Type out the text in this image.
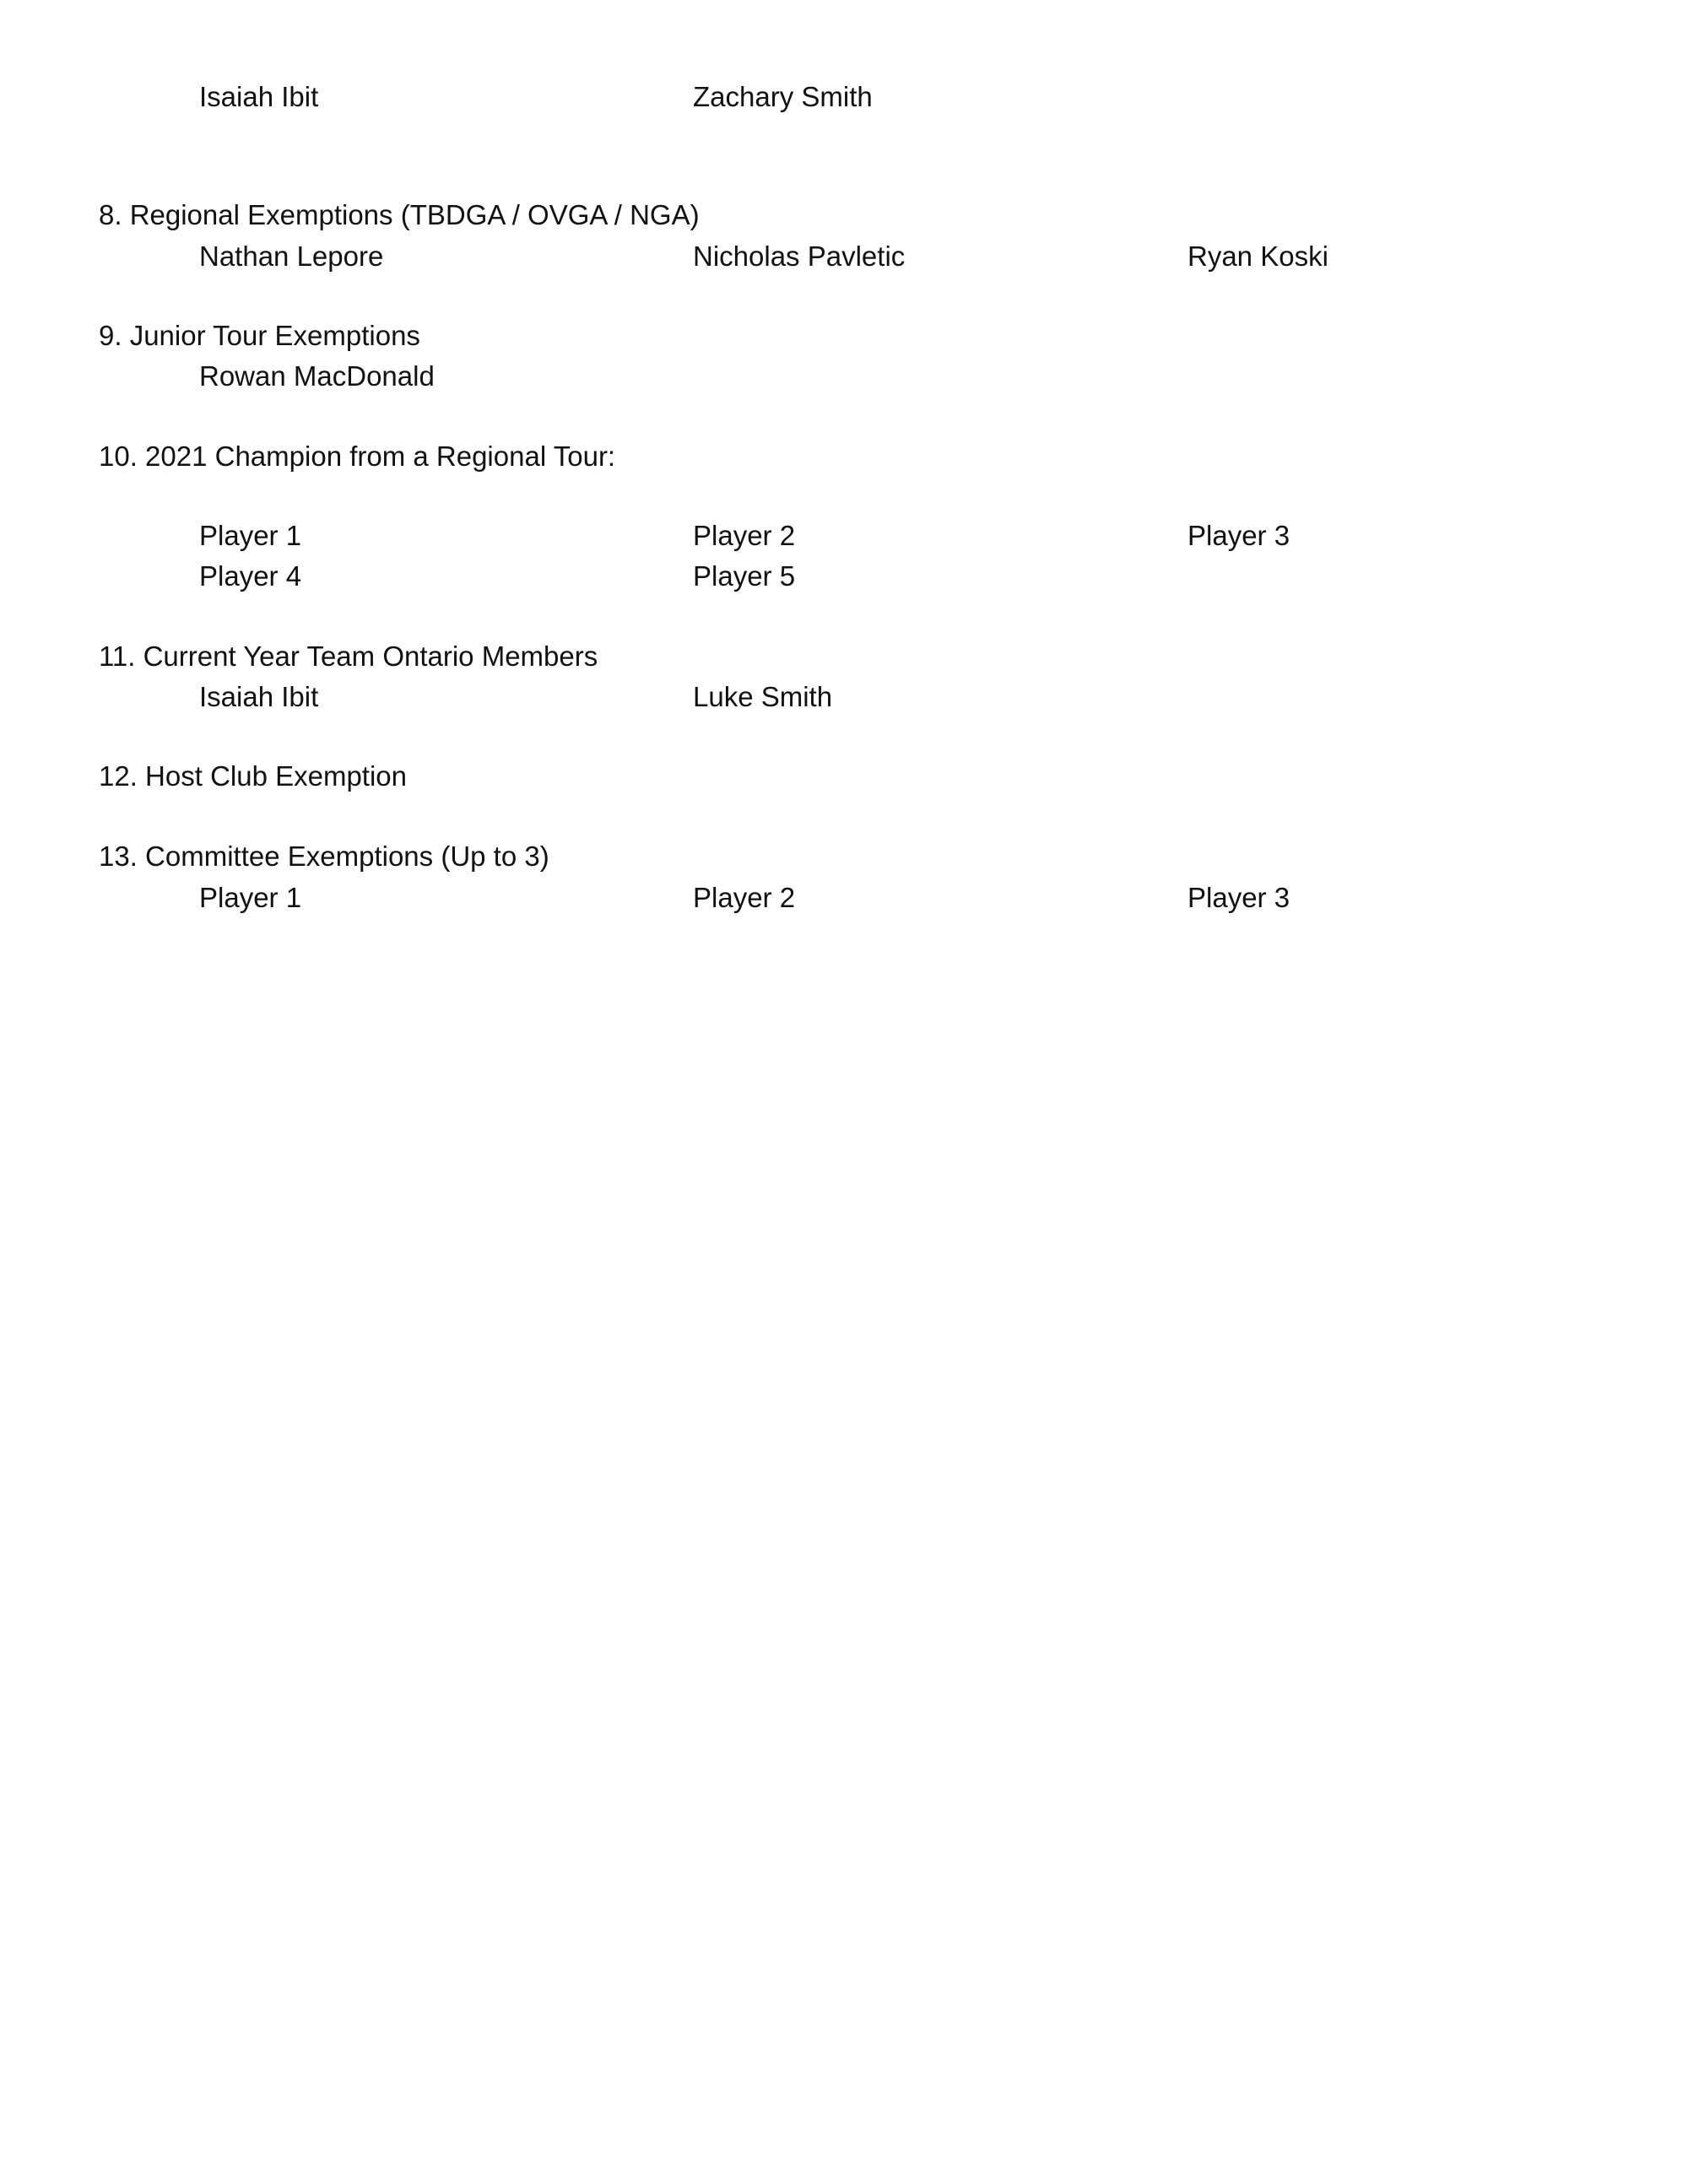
Isaiah Ibit	Zachary Smith
8. Regional Exemptions (TBDGA / OVGA / NGA)
Nathan Lepore	Nicholas Pavletic	Ryan Koski
9. Junior Tour Exemptions
Rowan MacDonald
10. 2021 Champion from a Regional Tour:
Player 1	Player 2	Player 3
Player 4	Player 5
11. Current Year Team Ontario Members
Isaiah Ibit	Luke Smith
12. Host Club Exemption
13. Committee Exemptions (Up to 3)
Player 1	Player 2	Player 3
